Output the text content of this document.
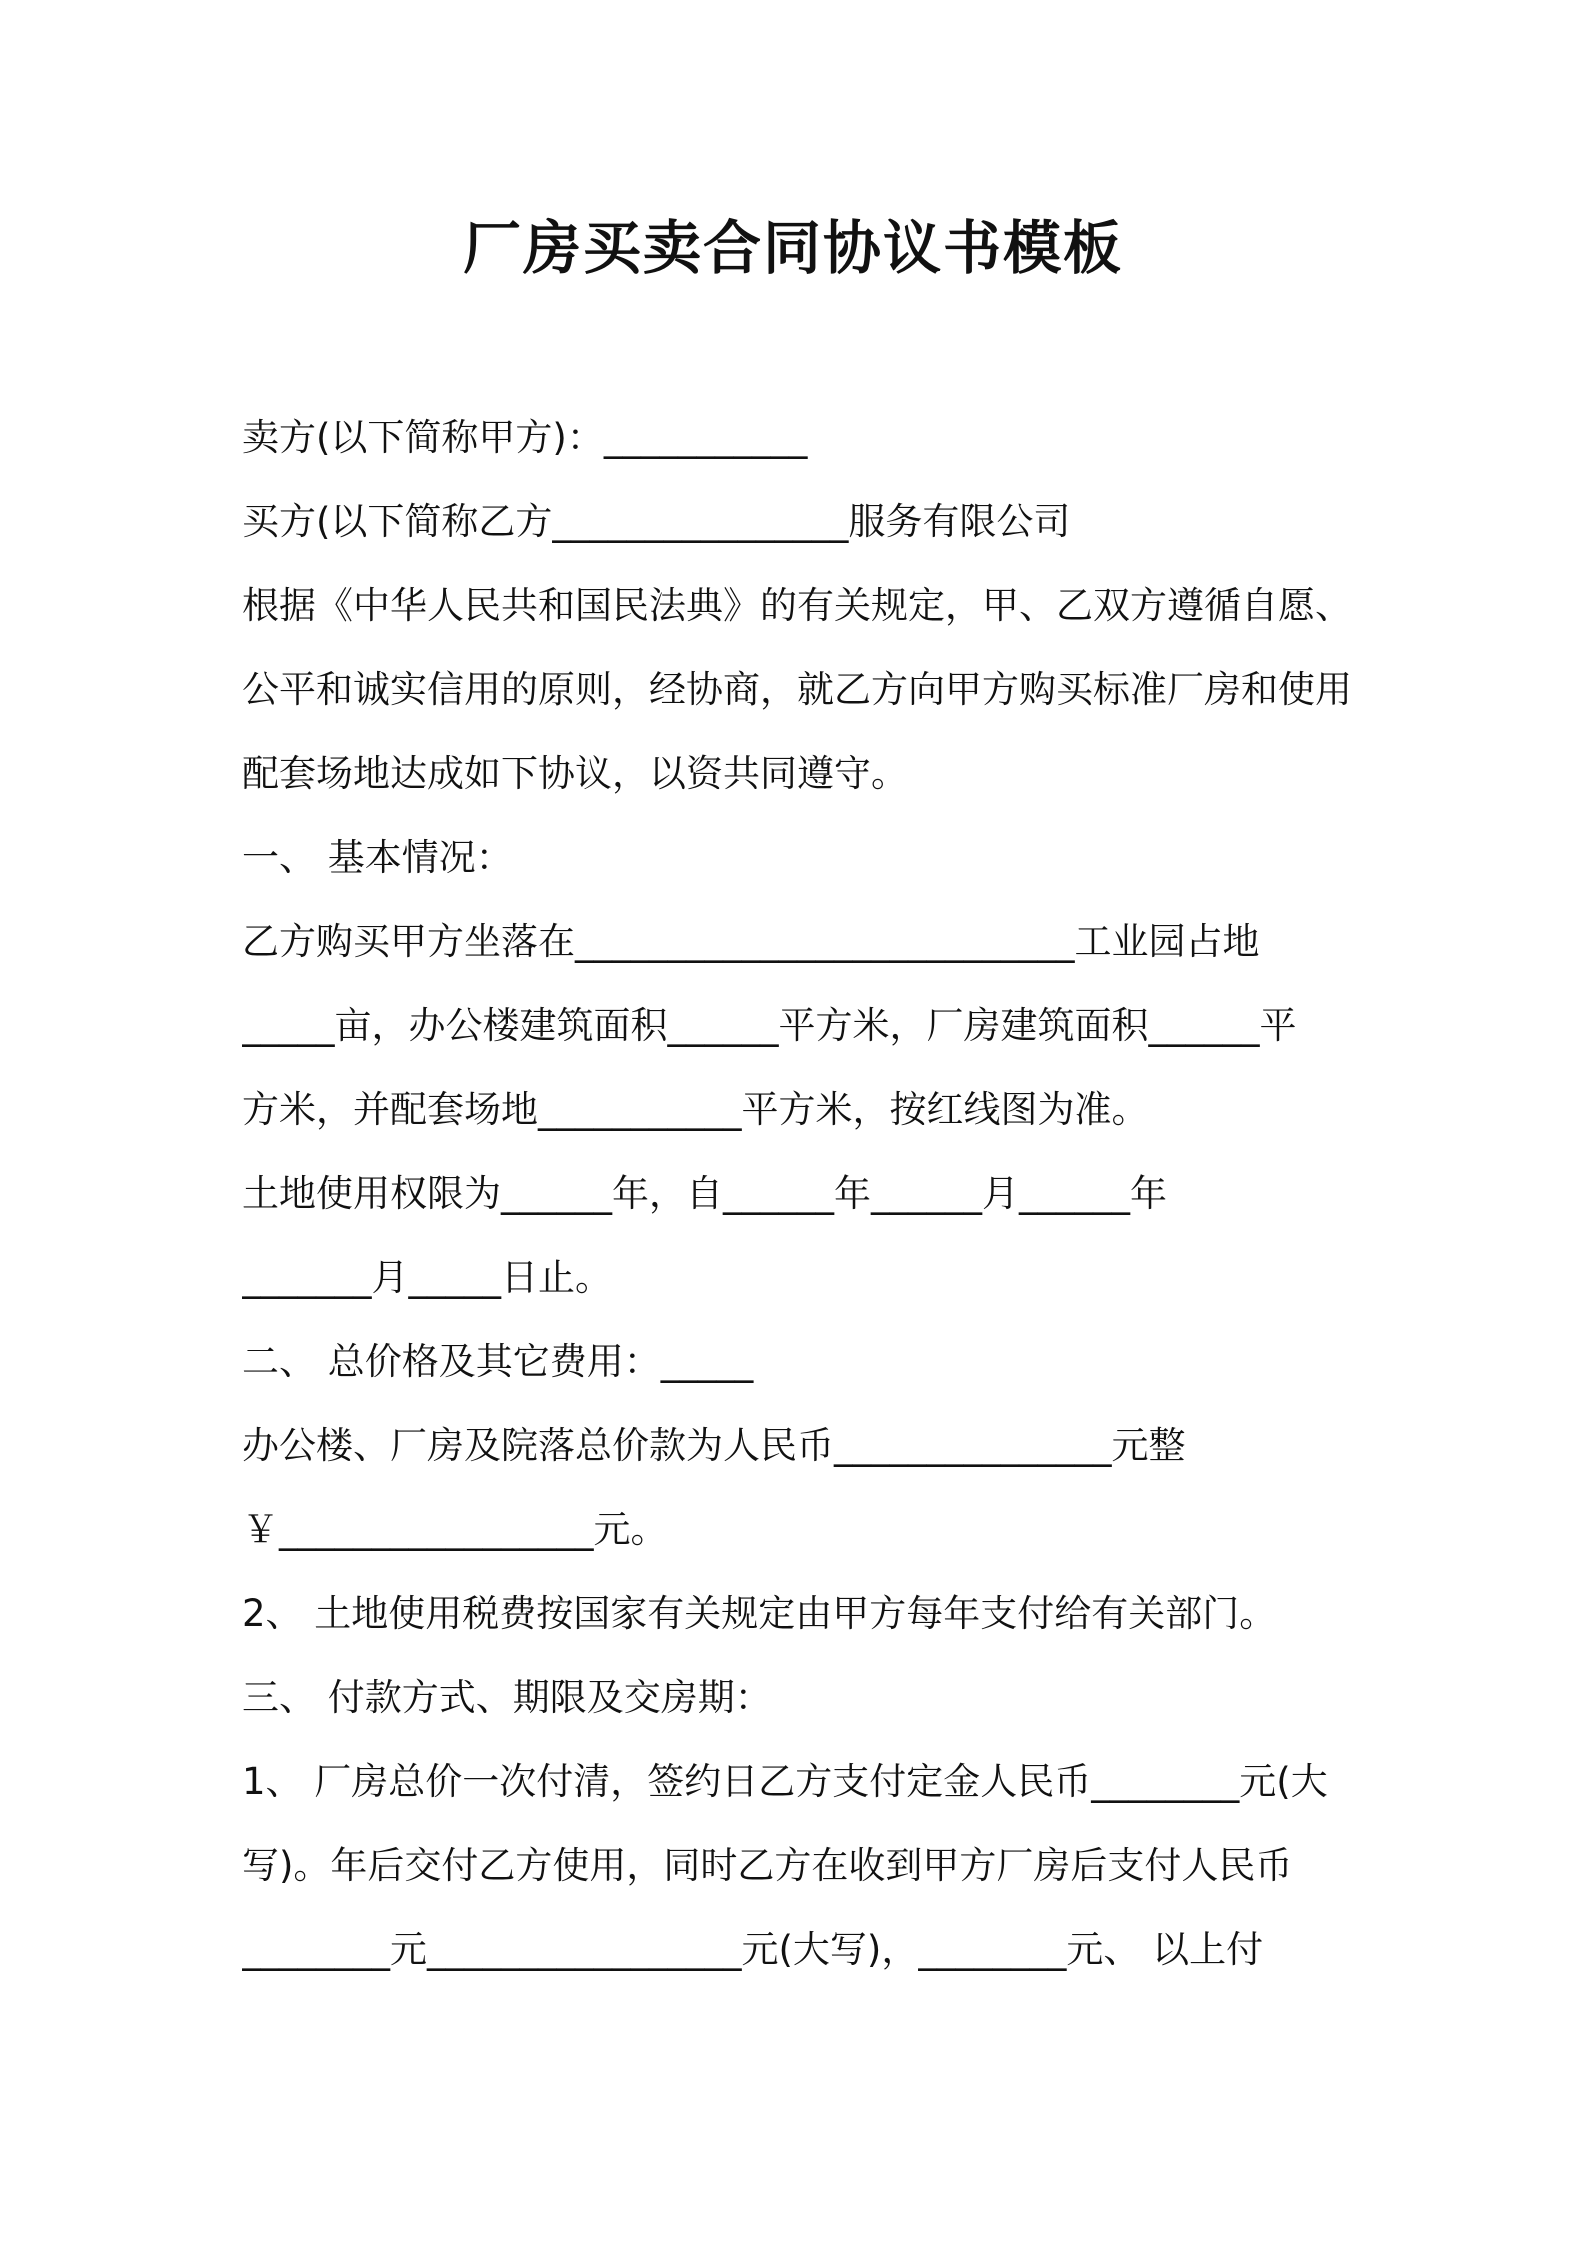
厂房买卖合同协议书模板
卖方(以下简称甲方)：___________
买方(以下简称乙方________________服务有限公司
根据《中华人民共和国民法典》的有关规定，甲、乙双方遵循自愿、
公平和诚实信用的原则，经协商，就乙方向甲方购买标准厂房和使用
配套场地达成如下协议，以资共同遵守。
一、 基本情况：
乙方购买甲方坐落在___________________________工业园占地
_____亩，办公楼建筑面积______平方米，厂房建筑面积______平
方米，并配套场地___________平方米，按红线图为准。
土地使用权限为______年，自______年______月______年
_______月_____日止。
二、 总价格及其它费用：_____
办公楼、厂房及院落总价款为人民币_______________元整
￥_________________元。
2、 土地使用税费按国家有关规定由甲方每年支付给有关部门。
三、 付款方式、期限及交房期：
1、 厂房总价一次付清，签约日乙方支付定金人民币________元(大
写)。年后交付乙方使用，同时乙方在收到甲方厂房后支付人民币
________元_________________元(大写)，________元、 以上付
